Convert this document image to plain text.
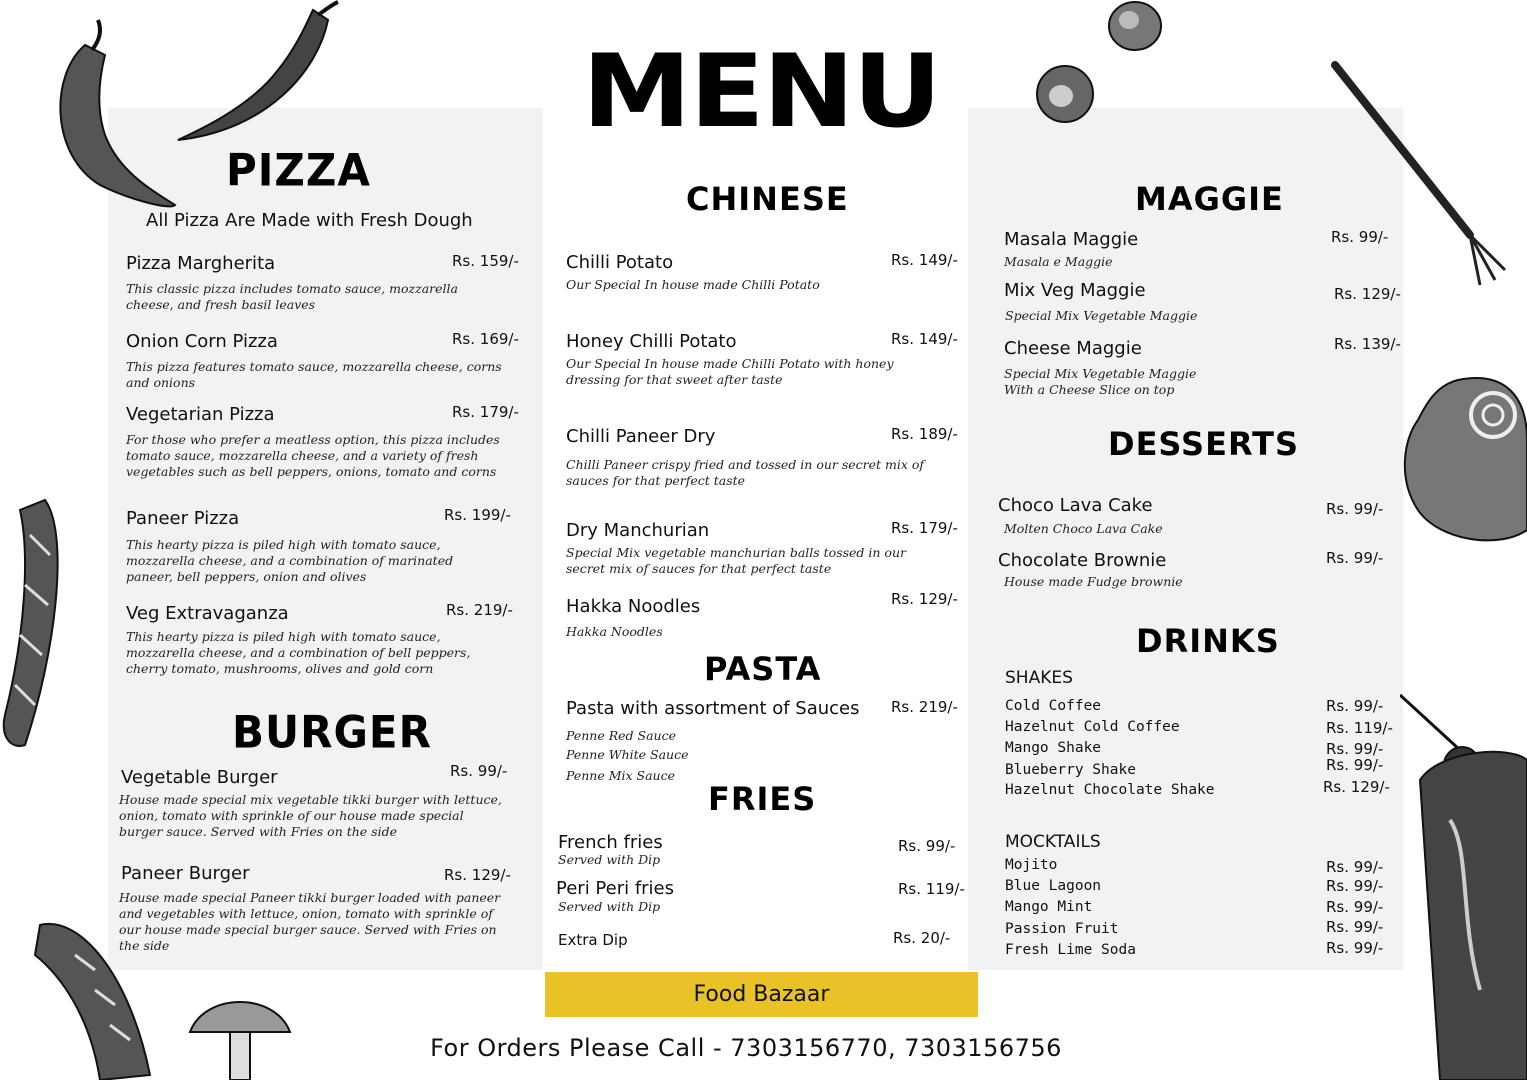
MENU
PIZZA
All Pizza Are Made with Fresh Dough
Pizza Margherita	Rs. 159/-
This classic pizza includes tomato sauce, mozzarella cheese, and fresh basil leaves
Onion Corn Pizza	Rs. 169/-
This pizza features tomato sauce, mozzarella cheese, corns and onions
Vegetarian Pizza	Rs. 179/-
For those who prefer a meatless option, this pizza includes tomato sauce, mozzarella cheese, and a variety of fresh vegetables such as bell peppers, onions, tomato and corns
Paneer Pizza	Rs. 199/-
This hearty pizza is piled high with tomato sauce, mozzarella cheese, and a combination of marinated paneer, bell peppers, onion and olives
Veg Extravaganza	Rs. 219/-
This hearty pizza is piled high with tomato sauce, mozzarella cheese, and a combination of bell peppers, cherry tomato, mushrooms, olives and gold corn
BURGER
Vegetable Burger	Rs. 99/-
House made special mix vegetable tikki burger with lettuce, onion, tomato with sprinkle of our house made special burger sauce. Served with Fries on the side
Paneer Burger	Rs. 129/-
House made special Paneer tikki burger loaded with paneer and vegetables with lettuce, onion, tomato with sprinkle of our house made special burger sauce. Served with Fries on the side
CHINESE
Chilli Potato	Rs. 149/-
Our Special In house made Chilli Potato
Honey Chilli Potato	Rs. 149/-
Our Special In house made Chilli Potato with honey dressing for that sweet after taste
Chilli Paneer Dry	Rs. 189/-
Chilli Paneer crispy fried and tossed in our secret mix of sauces for that perfect taste
Dry Manchurian	Rs. 179/-
Special Mix vegetable manchurian balls tossed in our secret mix of sauces for that perfect taste
Hakka Noodles	Rs. 129/-
Hakka Noodles
PASTA
Pasta with assortment of Sauces Rs. 219/-
Penne Red Sauce
Penne White Sauce
Penne Mix Sauce
FRIES
French fries	Rs. 99/-
Served with Dip
Peri Peri fries	Rs. 119/-
Served with Dip
Extra Dip	Rs. 20/-
MAGGIE
Masala Maggie	Rs. 99/-
Masala e Maggie
Mix Veg Maggie	Rs. 129/-
Special Mix Vegetable Maggie
Cheese Maggie	Rs. 139/-
Special Mix Vegetable Maggie With a Cheese Slice on top
DESSERTS
Choco Lava Cake	Rs. 99/-
Molten Choco Lava Cake
Chocolate Brownie	Rs. 99/-
House made Fudge brownie
DRINKS
SHAKES
Cold Coffee	Rs. 99/-
Hazelnut Cold Coffee	Rs. 119/-
Mango Shake	Rs. 99/-
Blueberry Shake	Rs. 99/-
Hazelnut Chocolate Shake	Rs. 129/-
MOCKTAILS
Mojito	Rs. 99/-
Blue Lagoon	Rs. 99/-
Mango Mint	Rs. 99/-
Passion Fruit	Rs. 99/-
Fresh Lime Soda	Rs. 99/-
Food Bazaar
For Orders Please Call - 7303156770, 7303156756
